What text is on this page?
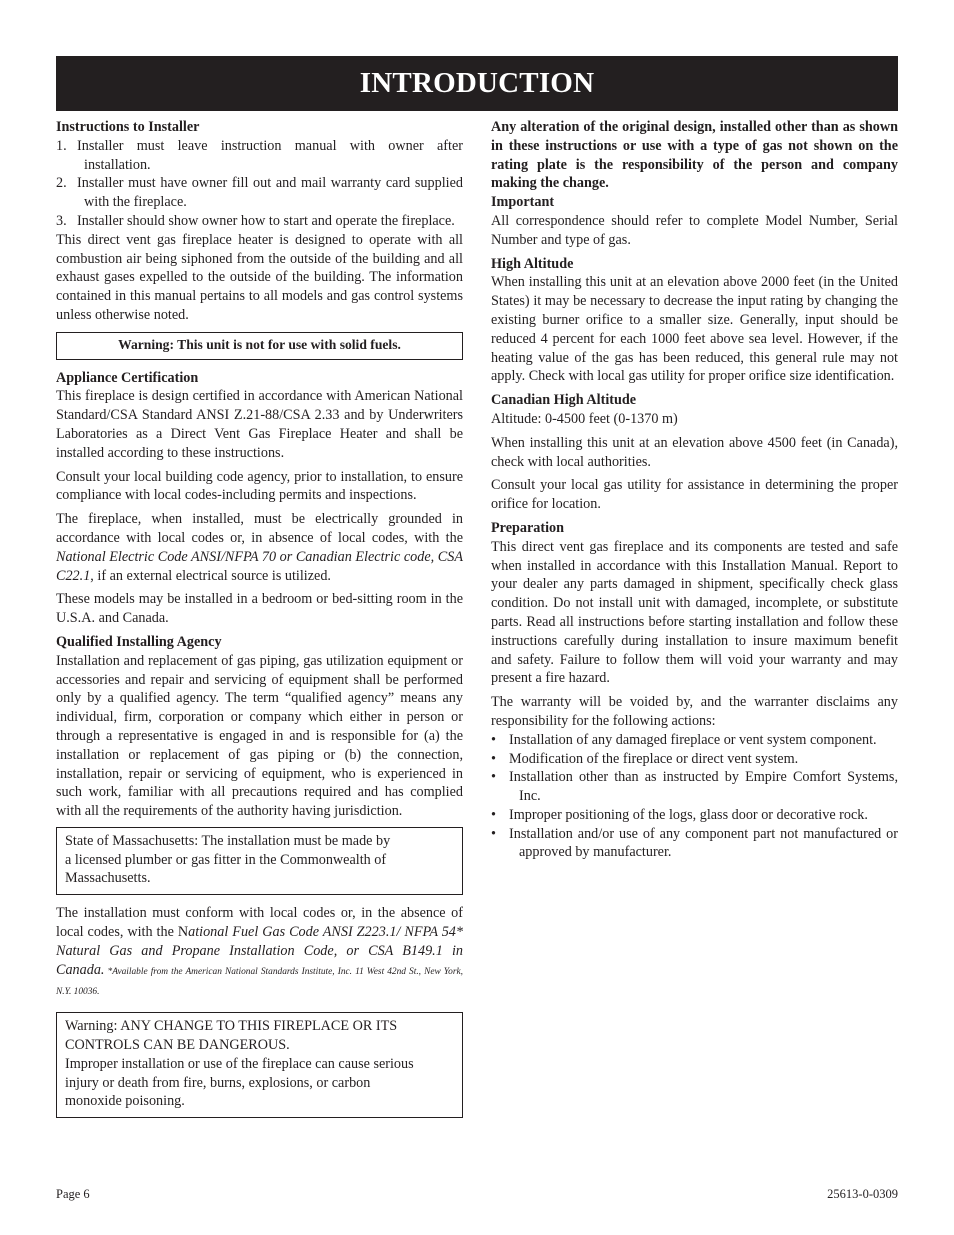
INTRODUCTION

Instructions to Installer

1. Installer must leave instruction manual with owner after installation.
2. Installer must have owner fill out and mail warranty card supplied with the fireplace.
3. Installer should show owner how to start and operate the fireplace.

This direct vent gas fireplace heater is designed to operate with all combustion air being siphoned from the outside of the building and all exhaust gases expelled to the outside of the building. The information contained in this manual pertains to all models and gas control systems unless otherwise noted.

Warning: This unit is not for use with solid fuels.

Appliance Certification

This fireplace is design certified in accordance with American National Standard/CSA Standard ANSI Z.21-88/CSA 2.33 and by Underwriters Laboratories as a Direct Vent Gas Fireplace Heater and shall be installed according to these instructions.

Consult your local building code agency, prior to installation, to ensure compliance with local codes-including permits and inspections.

The fireplace, when installed, must be electrically grounded in accordance with local codes or, in absence of local codes, with the National Electric Code ANSI/NFPA 70 or Canadian Electric code, CSA C22.1, if an external electrical source is utilized.

These models may be installed in a bedroom or bed-sitting room in the U.S.A. and Canada.

Qualified Installing Agency

Installation and replacement of gas piping, gas utilization equipment or accessories and repair and servicing of equipment shall be performed only by a qualified agency. The term “qualified agency” means any individual, firm, corporation or company which either in person or through a representative is engaged in and is responsible for (a) the installation or replacement of gas piping or (b) the connection, installation, repair or servicing of equipment, who is experienced in such work, familiar with all precautions required and has complied with all the requirements of the authority having jurisdiction.

State of Massachusetts: The installation must be made by
a licensed plumber or gas fitter in the Commonwealth of
Massachusetts.

The installation must conform with local codes or, in the absence of local codes, with the National Fuel Gas Code ANSI Z223.1/ NFPA 54* Natural Gas and Propane Installation Code, or CSA B149.1 in Canada. *Available from the American National Standards Institute, Inc. 11 West 42nd St., New York, N.Y. 10036.

Warning: ANY CHANGE TO THIS FIREPLACE OR ITS
CONTROLS CAN BE DANGEROUS.
Improper installation or use of the fireplace can cause serious
injury or death from fire, burns, explosions, or carbon
monoxide poisoning.

Any alteration of the original design, installed other than as shown in these instructions or use with a type of gas not shown on the rating plate is the responsibility of the person and company making the change.

Important

All correspondence should refer to complete Model Number, Serial Number and type of gas.

High Altitude

When installing this unit at an elevation above 2000 feet (in the United States) it may be necessary to decrease the input rating by changing the existing burner orifice to a smaller size. Generally, input should be reduced 4 percent for each 1000 feet above sea level. However, if the heating value of the gas has been reduced, this general rule may not apply. Check with local gas utility for proper orifice size identification.

Canadian High Altitude

Altitude: 0-4500 feet (0-1370 m)

When installing this unit at an elevation above 4500 feet (in Canada), check with local authorities.

Consult your local gas utility for assistance in determining the proper orifice for location.

Preparation

This direct vent gas fireplace and its components are tested and safe when installed in accordance with this Installation Manual. Report to your dealer any parts damaged in shipment, specifically check glass condition. Do not install unit with damaged, incomplete, or substitute parts. Read all instructions before starting installation and follow these instructions carefully during installation to insure maximum benefit and safety. Failure to follow them will void your warranty and may present a fire hazard.

The warranty will be voided by, and the warranter disclaims any responsibility for the following actions:

• Installation of any damaged fireplace or vent system component.
• Modification of the fireplace or direct vent system.
• Installation other than as instructed by Empire Comfort Systems, Inc.
• Improper positioning of the logs, glass door or decorative rock.
• Installation and/or use of any component part not manufactured or approved by manufacturer.
Page 6	25613-0-0309
